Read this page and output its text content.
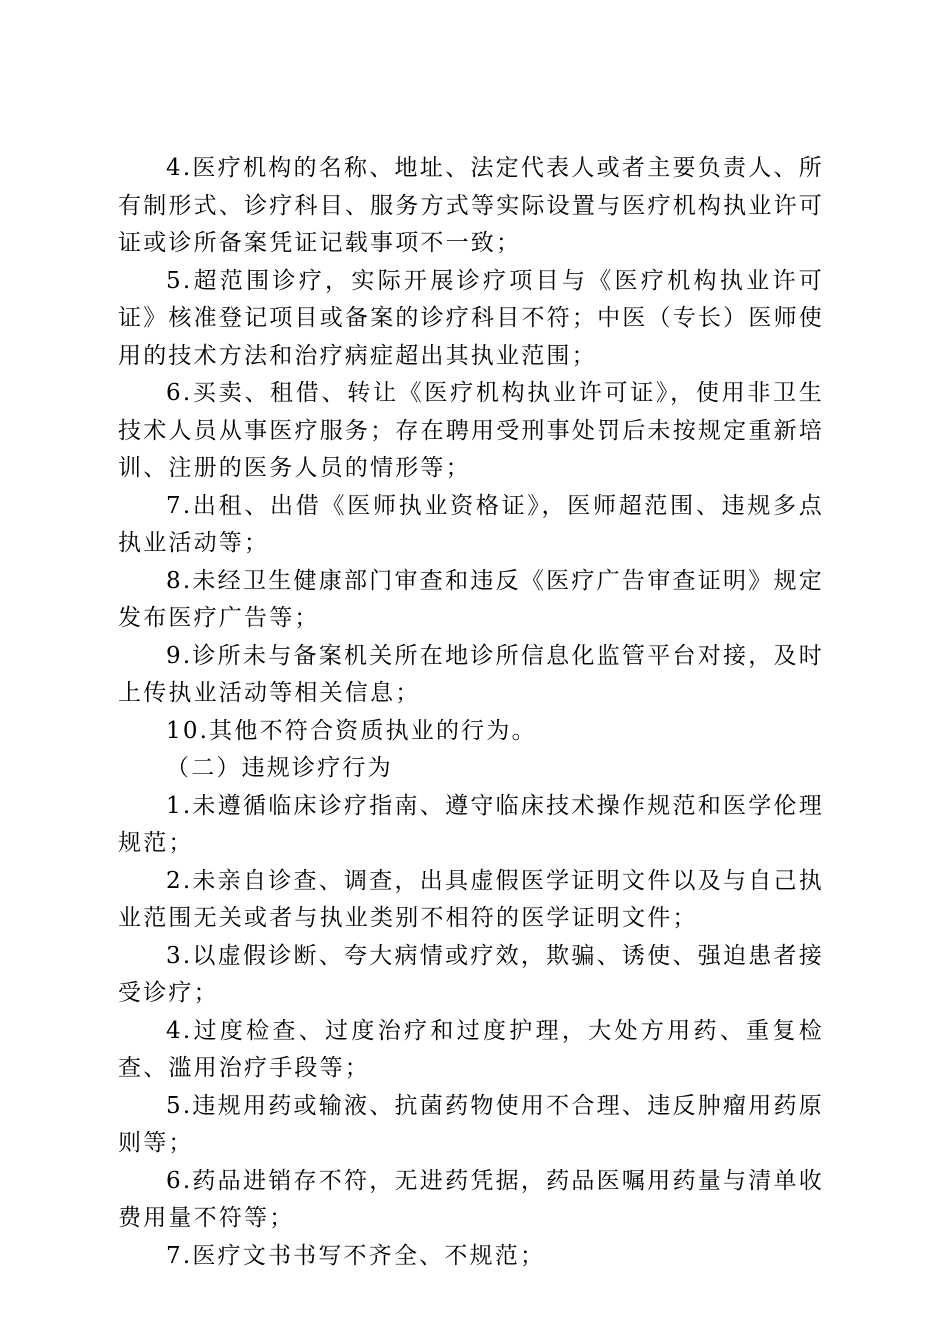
4.医疗机构的名称、地址、法定代表人或者主要负责人、所有制形式、诊疗科目、服务方式等实际设置与医疗机构执业许可证或诊所备案凭证记载事项不一致；

5.超范围诊疗，实际开展诊疗项目与《医疗机构执业许可证》核准登记项目或备案的诊疗科目不符；中医（专长）医师使用的技术方法和治疗病症超出其执业范围；

6.买卖、租借、转让《医疗机构执业许可证》，使用非卫生技术人员从事医疗服务；存在聘用受刑事处罚后未按规定重新培训、注册的医务人员的情形等；

7.出租、出借《医师执业资格证》，医师超范围、违规多点执业活动等；

8.未经卫生健康部门审查和违反《医疗广告审查证明》规定发布医疗广告等；

9.诊所未与备案机关所在地诊所信息化监管平台对接，及时上传执业活动等相关信息；

10.其他不符合资质执业的行为。

（二）违规诊疗行为

1.未遵循临床诊疗指南、遵守临床技术操作规范和医学伦理规范；

2.未亲自诊查、调查，出具虚假医学证明文件以及与自己执业范围无关或者与执业类别不相符的医学证明文件；

3.以虚假诊断、夸大病情或疗效，欺骗、诱使、强迫患者接受诊疗；

4.过度检查、过度治疗和过度护理，大处方用药、重复检查、滥用治疗手段等；

5.违规用药或输液、抗菌药物使用不合理、违反肿瘤用药原则等；

6.药品进销存不符，无进药凭据，药品医嘱用药量与清单收费用量不符等；

7.医疗文书书写不齐全、不规范；
